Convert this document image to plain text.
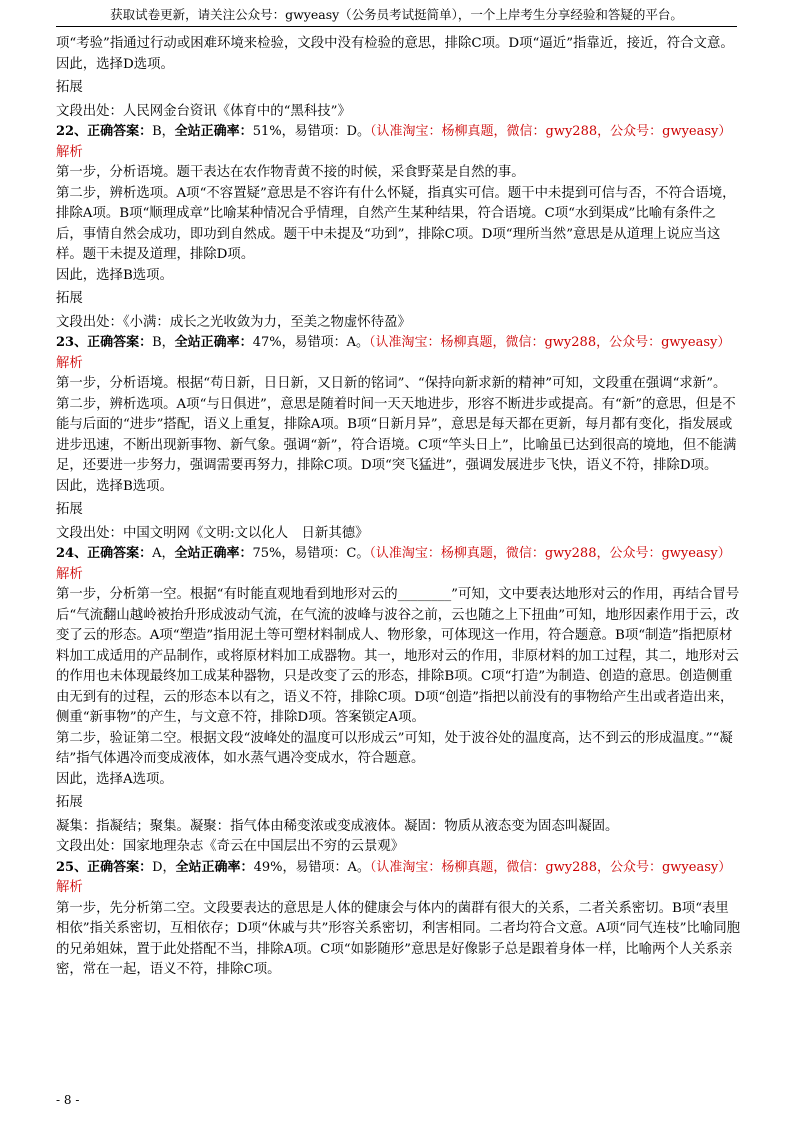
获取试卷更新，请关注公众号：gwyeasy（公务员考试挺简单），一个上岸考生分享经验和答疑的平台。

项“考验”指通过行动或困难环境来检验，文段中没有检验的意思，排除C项。D项“逼近”指靠近，接近，符合文意。

因此，选择D选项。

拓展

文段出处：人民网金台资讯《体育中的“黑科技”》

22、正确答案：B，全站正确率：51%，易错项：D。（认准淘宝：杨柳真题，微信：gwy288，公众号：gwyeasy）

解析

第一步，分析语境。题干表达在农作物青黄不接的时候，采食野菜是自然的事。

第二步，辨析选项。A项“不容置疑”意思是不容许有什么怀疑，指真实可信。题干中未提到可信与否，不符合语境，排除A项。B项“顺理成章”比喻某种情况合乎情理，自然产生某种结果，符合语境。C项“水到渠成”比喻有条件之后，事情自然会成功，即功到自然成。题干中未提及“功到”，排除C项。D项“理所当然”意思是从道理上说应当这样。题干未提及道理，排除D项。

因此，选择B选项。

拓展

文段出处：《小满：成长之光收敛为力，至美之物虚怀待盈》

23、正确答案：B，全站正确率：47%，易错项：A。（认准淘宝：杨柳真题，微信：gwy288，公众号：gwyeasy）

解析

第一步，分析语境。根据“苟日新，日日新，又日新的铭词”、“保持向新求新的精神”可知，文段重在强调“求新”。

第二步，辨析选项。A项“与日俱进”，意思是随着时间一天天地进步，形容不断进步或提高。有“新”的意思，但是不能与后面的“进步”搭配，语义上重复，排除A项。B项“日新月异”，意思是每天都在更新，每月都有变化，指发展或进步迅速，不断出现新事物、新气象。强调“新”，符合语境。C项“竿头日上”，比喻虽已达到很高的境地，但不能满足，还要进一步努力，强调需要再努力，排除C项。D项“突飞猛进”，强调发展进步飞快，语义不符，排除D项。

因此，选择B选项。

拓展

文段出处：中国文明网《文明:文以化人　日新其德》

24、正确答案：A，全站正确率：75%，易错项：C。（认准淘宝：杨柳真题，微信：gwy288，公众号：gwyeasy）

解析

第一步，分析第一空。根据“有时能直观地看到地形对云的________”可知，文中要表达地形对云的作用，再结合冒号后“气流翻山越岭被抬升形成波动气流，在气流的波峰与波谷之前，云也随之上下扭曲”可知，地形因素作用于云，改变了云的形态。A项“塑造”指用泥土等可塑材料制成人、物形象，可体现这一作用，符合题意。B项“制造”指把原材料加工成适用的产品制作，或将原材料加工成器物。其一，地形对云的作用，非原材料的加工过程，其二，地形对云的作用也未体现最终加工成某种器物，只是改变了云的形态，排除B项。C项“打造”为制造、创造的意思。创造侧重由无到有的过程，云的形态本以有之，语义不符，排除C项。D项“创造”指把以前没有的事物给产生出或者造出来，侧重“新事物”的产生，与文意不符，排除D项。答案锁定A项。

第二步，验证第二空。根据文段“波峰处的温度可以形成云”可知，处于波谷处的温度高，达不到云的形成温度。”“凝结”指气体遇冷而变成液体，如水蒸气遇冷变成水，符合题意。

因此，选择A选项。

拓展

凝集：指凝结；聚集。凝聚：指气体由稀变浓或变成液体。凝固：物质从液态变为固态叫凝固。

文段出处：国家地理杂志《奇云在中国层出不穷的云景观》

25、正确答案：D，全站正确率：49%，易错项：A。（认准淘宝：杨柳真题，微信：gwy288，公众号：gwyeasy）

解析

第一步，先分析第二空。文段要表达的意思是人体的健康会与体内的菌群有很大的关系，二者关系密切。B项“表里相依”指关系密切，互相依存；D项“休戚与共”形容关系密切，利害相同。二者均符合文意。A项“同气连枝”比喻同胞的兄弟姐妹，置于此处搭配不当，排除A项。C项“如影随形”意思是好像影子总是跟着身体一样，比喻两个人关系亲密，常在一起，语义不符，排除C项。

- 8 -
